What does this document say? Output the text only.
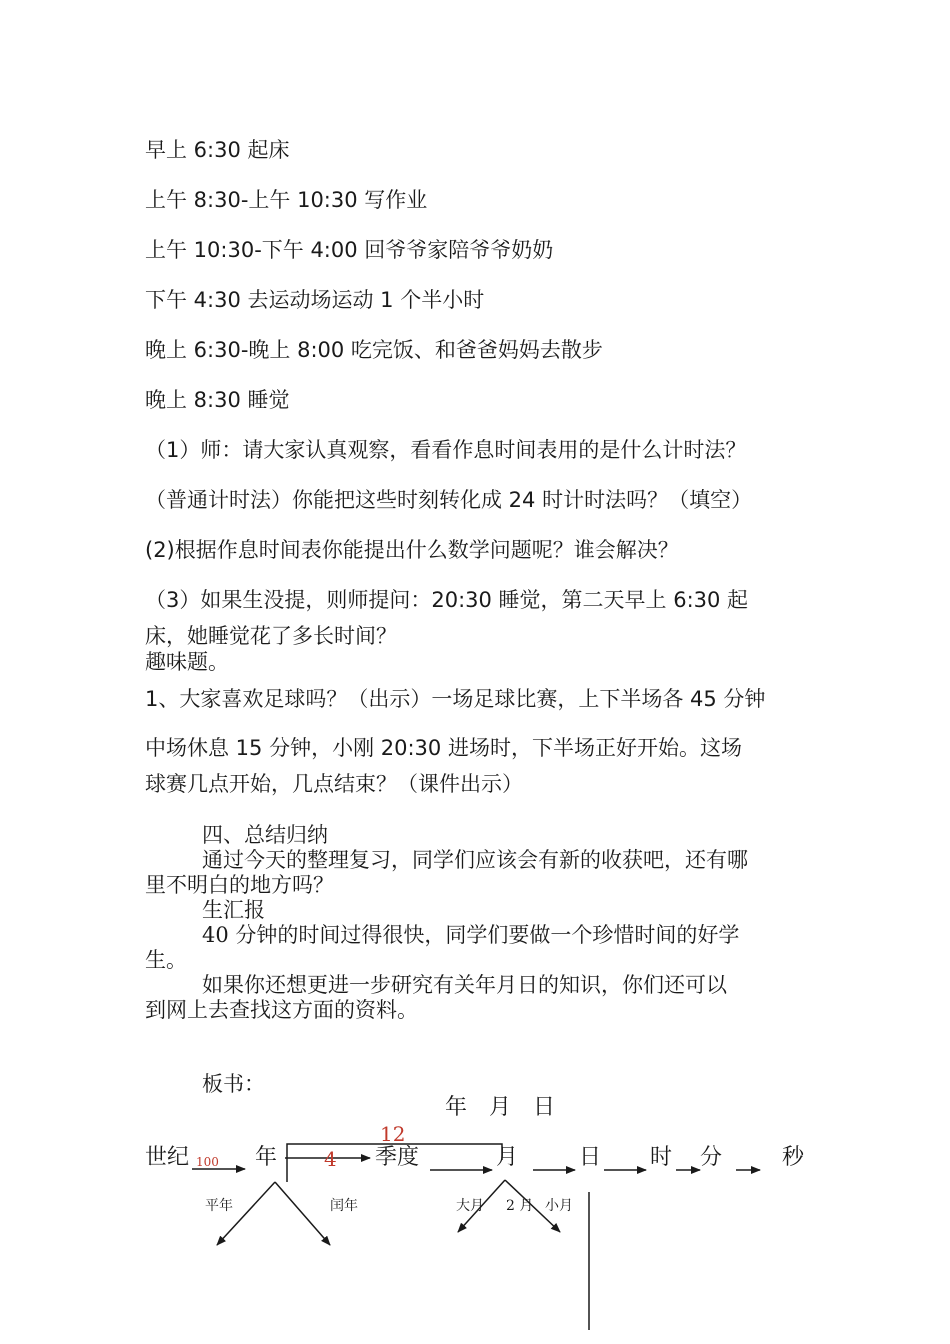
早上 6:30 起床
上午 8:30-上午 10:30 写作业
上午 10:30-下午 4:00 回爷爷家陪爷爷奶奶
下午 4:30 去运动场运动 1 个半小时
晚上 6:30-晚上 8:00 吃完饭、和爸爸妈妈去散步
晚上 8:30 睡觉
（1）师：请大家认真观察，看看作息时间表用的是什么计时法？
（普通计时法）你能把这些时刻转化成 24 时计时法吗？（填空）
(2)根据作息时间表你能提出什么数学问题呢？谁会解决？
（3）如果生没提，则师提问：20:30 睡觉，第二天早上 6:30 起
床，她睡觉花了多长时间？
趣味题。
1、大家喜欢足球吗？（出示）一场足球比赛，上下半场各 45 分钟
中场休息 15 分钟，小刚 20:30 进场时，下半场正好开始。这场
球赛几点开始，几点结束？（课件出示）
四、总结归纳
通过今天的整理复习，同学们应该会有新的收获吧，还有哪
里不明白的地方吗？
生汇报
40 分钟的时间过得很快，同学们要做一个珍惜时间的好学
生。
如果你还想更进一步研究有关年月日的知识，你们还可以
到网上去查找这方面的资料。
板书：
年　月　日
世纪	年	季度	月	日 时 分	秒
100	4
12
平年	闰年	大月 2 月 小月
